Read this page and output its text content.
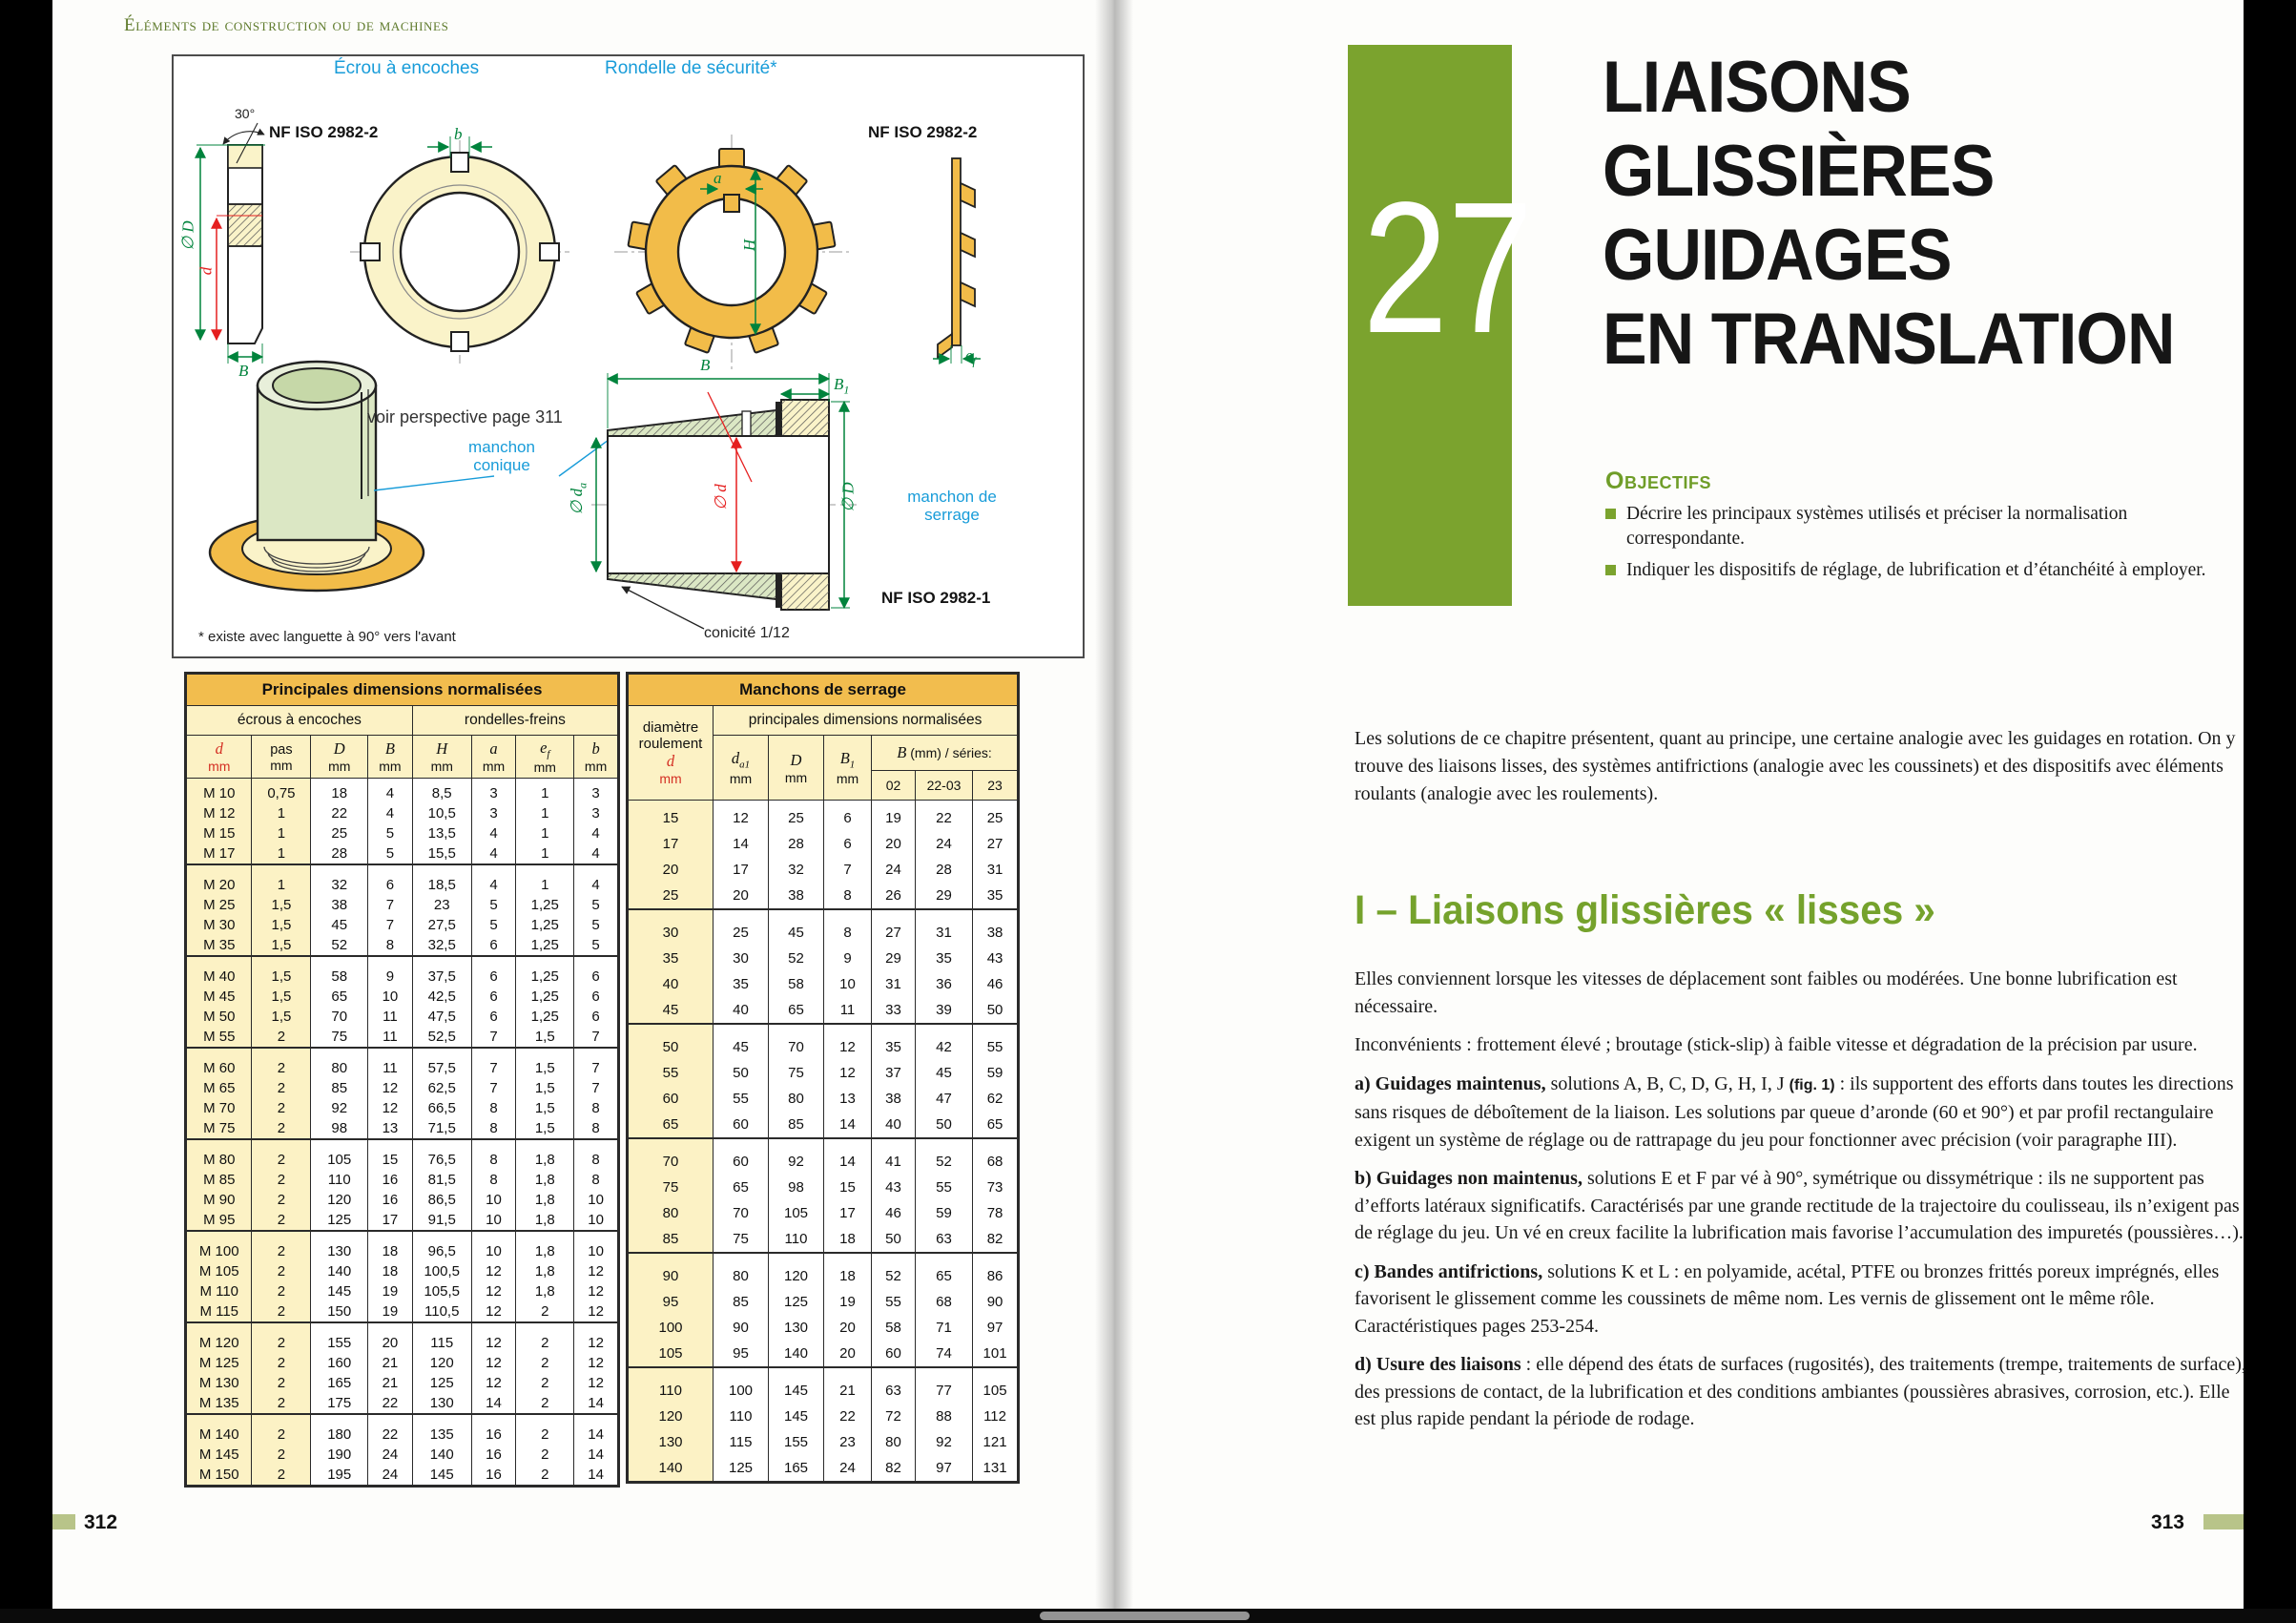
Éléments de construction ou de machines
Écrou à encoches	Rondelle de sécurité*
NF ISO 2982-2	NF ISO 2982-2
NF ISO 2982-1
30°
manchon conique
manchon de serrage
voir perspective page 311
conicité 1/12
* existe avec languette à 90° vers l'avant
∅ D
d
B
b
a
H
$e_f$
B
$B_1$
∅ $d_a$	∅ d	∅ D
Principales dimensions normalisées							
écrous à encoches				rondelles-freins			
d
mm	pas
mm	D
mm	B
mm	H
mm	a
mm	$e_f$
mm	b
mm
M 10	0,75	18	4	8,5	3	1	3
M 12	1	22	4	10,5	3	1	3
M 15	1	25	5	13,5	4	1	4
M 17	1	28	5	15,5	4	1	4
M 20	1	32	6	18,5	4	1	4
M 25	1,5	38	7	23	5	1,25	5
M 30	1,5	45	7	27,5	5	1,25	5
M 35	1,5	52	8	32,5	6	1,25	5
M 40	1,5	58	9	37,5	6	1,25	6
M 45	1,5	65	10	42,5	6	1,25	6
M 50	1,5	70	11	47,5	6	1,25	6
M 55	2	75	11	52,5	7	1,5	7
M 60	2	80	11	57,5	7	1,5	7
M 65	2	85	12	62,5	7	1,5	7
M 70	2	92	12	66,5	8	1,5	8
M 75	2	98	13	71,5	8	1,5	8
M 80	2	105	15	76,5	8	1,8	8
M 85	2	110	16	81,5	8	1,8	8
M 90	2	120	16	86,5	10	1,8	10
M 95	2	125	17	91,5	10	1,8	10
M 100	2	130	18	96,5	10	1,8	10
M 105	2	140	18	100,5	12	1,8	12
M 110	2	145	19	105,5	12	1,8	12
M 115	2	150	19	110,5	12	2	12
M 120	2	155	20	115	12	2	12
M 125	2	160	21	120	12	2	12
M 130	2	165	21	125	12	2	12
M 135	2	175	22	130	14	2	14
M 140	2	180	22	135	16	2	14
M 145	2	190	24	140	16	2	14
M 150	2	195	24	145	16	2	14
Manchons de serrage						

diamètre
roulement
d
mm	principales dimensions normalisées					
	$d_{a1}$
mm	D
mm	$B_1$
mm	B (mm) / séries:		
				02	22-03	23
15	12	25	6	19	22	25
17	14	28	6	20	24	27
20	17	32	7	24	28	31
25	20	38	8	26	29	35
30	25	45	8	27	31	38
35	30	52	9	29	35	43
40	35	58	10	31	36	46
45	40	65	11	33	39	50
50	45	70	12	35	42	55
55	50	75	12	37	45	59
60	55	80	13	38	47	62
65	60	85	14	40	50	65
70	60	92	14	41	52	68
75	65	98	15	43	55	73
80	70	105	17	46	59	78
85	75	110	18	50	63	82
90	80	120	18	52	65	86
95	85	125	19	55	68	90
100	90	130	20	58	71	97
105	95	140	20	60	74	101
110	100	145	21	63	77	105
120	110	145	22	72	88	112
130	115	155	23	80	92	121
140	125	165	24	82	97	131
312
27
LIAISONS
GLISSIÈRES
GUIDAGES
EN TRANSLATION
Objectifs
Décrire les principaux systèmes utilisés et préciser la normalisation correspondante.
Indiquer les dispositifs de réglage, de lubrification et d’étanchéité à employer.
Les solutions de ce chapitre présentent, quant au principe, une certaine analogie avec les guidages en rotation. On y trouve des liaisons lisses, des systèmes antifrictions (analogie avec les coussinets) et des dispositifs avec éléments roulants (analogie avec les roulements).
I – Liaisons glissières « lisses »
Elles conviennent lorsque les vitesses de déplacement sont faibles ou modérées. Une bonne lubrification est nécessaire.
Inconvénients : frottement élevé ; broutage (stick-slip) à faible vitesse et dégradation de la précision par usure.
a) Guidages maintenus, solutions A, B, C, D, G, H, I, J (fig. 1) : ils supportent des efforts dans toutes les directions sans risques de déboîtement de la liaison. Les solutions par queue d’aronde (60 et 90°) et par profil rectangulaire exigent un système de réglage ou de rattrapage du jeu pour fonctionner avec précision (voir paragraphe III).
b) Guidages non maintenus, solutions E et F par vé à 90°, symétrique ou dissymétrique : ils ne supportent pas d’efforts latéraux significatifs. Caractérisés par une grande rectitude de la trajectoire du coulisseau, ils n’exigent pas de réglage du jeu. Un vé en creux facilite la lubrification mais favorise l’accumulation des impuretés (poussières…).
c) Bandes antifrictions, solutions K et L : en polyamide, acétal, PTFE ou bronzes frittés poreux imprégnés, elles favorisent le glissement comme les coussinets de même nom. Les vernis de glissement ont le même rôle. Caractéristiques pages 253-254.
d) Usure des liaisons : elle dépend des états de surfaces (rugosités), des traitements (trempe, traitements de surface), des pressions de contact, de la lubrification et des conditions ambiantes (poussières abrasives, corrosion, etc.). Elle est plus rapide pendant la période de rodage.
313
